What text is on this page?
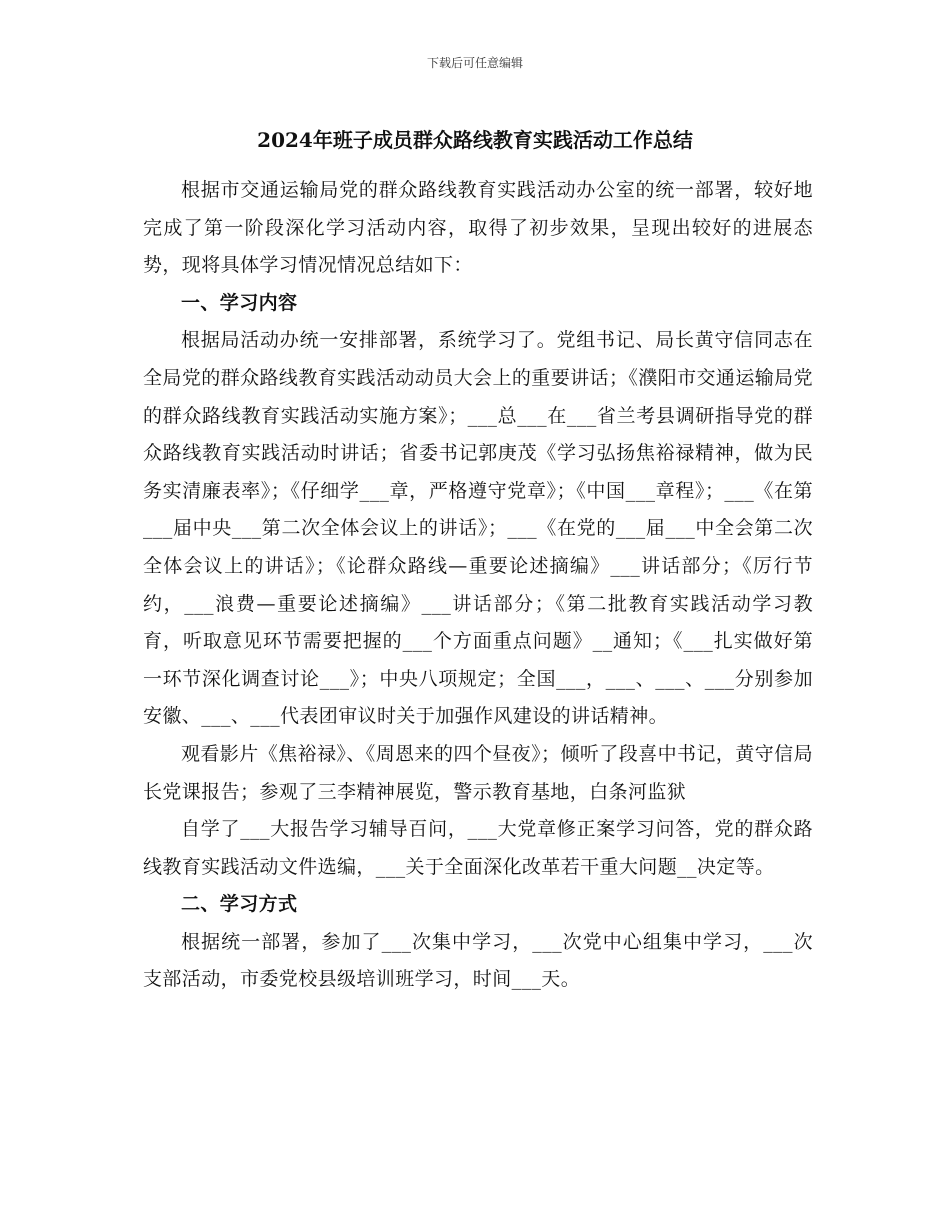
下载后可任意编辑
2024年班子成员群众路线教育实践活动工作总结

根据市交通运输局党的群众路线教育实践活动办公室的统一部署，较好地完成了第一阶段深化学习活动内容，取得了初步效果，呈现出较好的进展态势，现将具体学习情况情况总结如下：

一、学习内容

根据局活动办统一安排部署，系统学习了。党组书记、局长黄守信同志在全局党的群众路线教育实践活动动员大会上的重要讲话；《濮阳市交通运输局党的群众路线教育实践活动实施方案》；___总___在___省兰考县调研指导党的群众路线教育实践活动时讲话；省委书记郭庚茂《学习弘扬焦裕禄精神，做为民务实清廉表率》；《仔细学___章，严格遵守党章》；《中国___章程》；___《在第___届中央___第二次全体会议上的讲话》；___《在党的___届___中全会第二次全体会议上的讲话》；《论群众路线—重要论述摘编》___讲话部分；《厉行节约，___浪费—重要论述摘编》___讲话部分；《第二批教育实践活动学习教育，听取意见环节需要把握的___个方面重点问题》__通知；《___扎实做好第一环节深化调查讨论___》；中央八项规定；全国___，___、___、___分别参加安徽、___、___代表团审议时关于加强作风建设的讲话精神。

观看影片《焦裕禄》、《周恩来的四个昼夜》；倾听了段喜中书记，黄守信局长党课报告；参观了三李精神展览，警示教育基地，白条河监狱

自学了___大报告学习辅导百问，___大党章修正案学习问答，党的群众路线教育实践活动文件选编，___关于全面深化改革若干重大问题__决定等。

二、学习方式

根据统一部署，参加了___次集中学习，___次党中心组集中学习，___次支部活动，市委党校县级培训班学习，时间___天。
